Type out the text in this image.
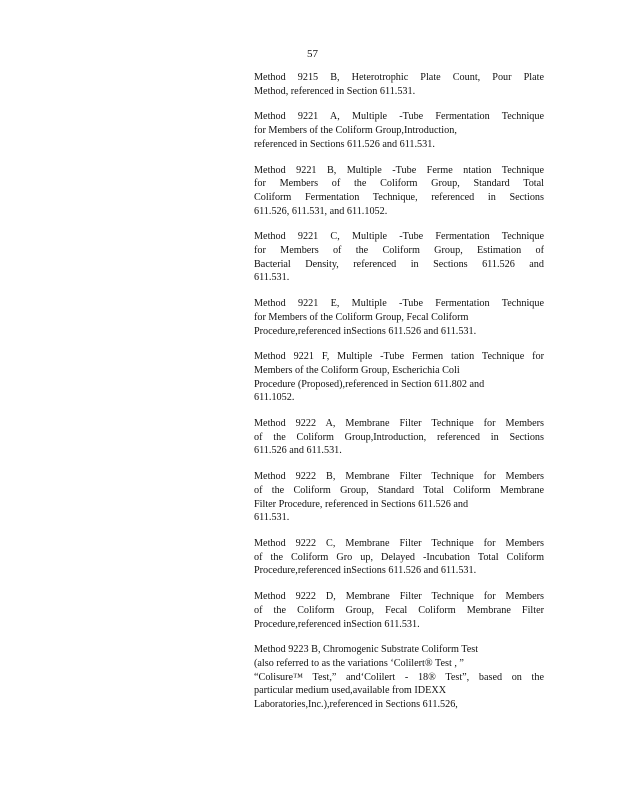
57

Method 9215 B, Heterotrophic Plate Count, Pour Plate
Method, referenced in Section 611.531.

Method 9221 A, Multiple -Tube Fermentation Technique
for Members of the Coliform Group,Introduction,
referenced in Sections 611.526 and 611.531.

Method 9221 B, Multiple -Tube Ferme ntation Technique
for Members of the Coliform Group, Standard Total
Coliform Fermentation Technique, referenced in Sections
611.526, 611.531, and 611.1052.

Method 9221 C, Multiple -Tube Fermentation Technique
for Members of the Coliform Group, Estimation of
Bacterial Density, referenced in Sections 611.526 and
611.531.

Method 9221 E, Multiple -Tube Fermentation Technique
for Members of the Coliform Group, Fecal Coliform
Procedure,referenced inSections 611.526 and 611.531.

Method 9221 F, Multiple -Tube Fermen tation Technique for
Members of the Coliform Group, Escherichia Coli
Procedure (Proposed),referenced in Section 611.802 and
611.1052.

Method 9222 A, Membrane Filter Technique for Members
of the Coliform Group,Introduction, referenced in Sections
611.526 and 611.531.

Method 9222 B, Membrane Filter Technique for Members
of the Coliform Group, Standard Total Coliform Membrane
Filter Procedure, referenced in Sections 611.526 and
611.531.

Method 9222 C, Membrane Filter Technique for Members
of the Coliform Gro up, Delayed -Incubation Total Coliform
Procedure,referenced inSections 611.526 and 611.531.

Method 9222 D, Membrane Filter Technique for Members
of the Coliform Group, Fecal Coliform Membrane Filter
Procedure,referenced inSection 611.531.

Method 9223 B, Chromogenic Substrate Coliform Test
(also referred to as the variations ‘Colilert® Test , ”
“Colisure™ Test,” and‘Colilert - 18® Test”, based on the
particular medium used,available from IDEXX
Laboratories,Inc.),referenced in Sections 611.526,
